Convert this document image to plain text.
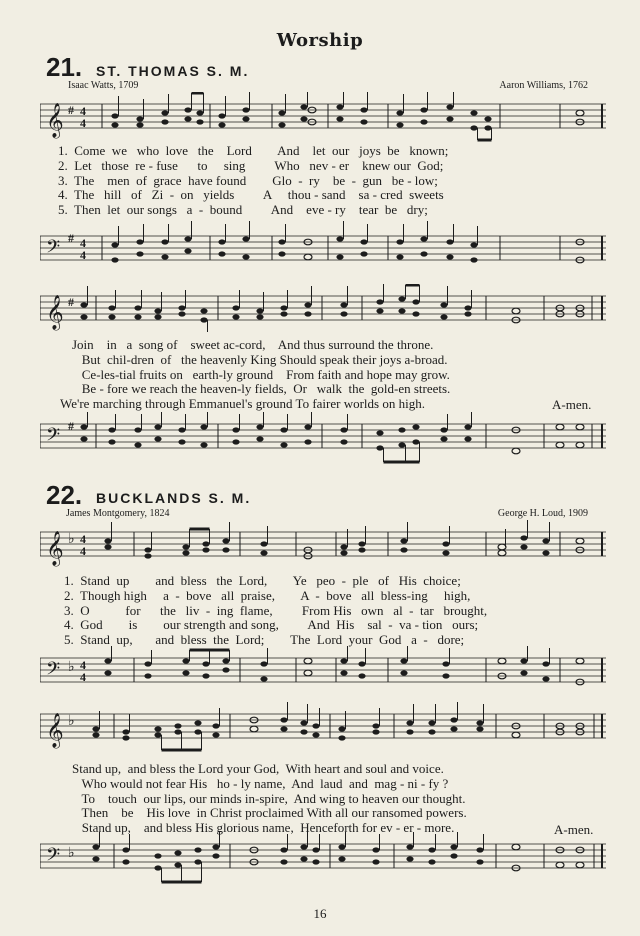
Worship
21. ST. THOMAS S. M.
Isaac Watts, 1709	Aaron Williams, 1762
𝄞 # 4
4
1.  Come  we   who  love   the    Lord        And    let  our   joys  be   known;
2.  Let   those  re - fuse      to     sing         Who   nev - er    knew our  God;
3.  The    men  of  grace  have found        Glo  -  ry    be  -  gun   be - low;
4.  The   hill   of   Zi  -  on   yields         A     thou - sand    sa - cred  sweets
5.  Then  let  our songs   a  -  bound         And    eve - ry    tear  be   dry;
𝄢 # 4
4
𝄞 #
Join    in   a  song of    sweet ac-cord,    And thus surround the throne.
But  chil-dren  of   the heavenly King Should speak their joys a-broad.
Ce-les-tial fruits on   earth-ly ground    From faith and hope may grow.
Be - fore we reach the heaven-ly fields,  Or   walk  the  gold-en streets.
We're marching through Emmanuel's ground To fairer worlds on high.	A-men.
𝄢 #
22. BUCKLANDS S. M.
James Montgomery, 1824	George H. Loud, 1909
𝄞 ♭ 4
4
1.  Stand  up        and  bless   the  Lord,        Ye   peo  -  ple   of   His  choice;
2.  Though high     a  -  bove   all  praise,        A  -  bove   all  bless-ing     high,
3.  O           for      the   liv  -  ing  flame,         From His   own   al  -  tar   brought,
4.  God        is        our strength and song,         And  His    sal  -  va - tion   ours;
5.  Stand  up,       and  bless  the  Lord;        The  Lord  your  God   a  -   dore;
𝄢 ♭ 4
4
𝄞 ♭
Stand up,  and bless the Lord your God,  With heart and soul and voice.
Who would not fear His   ho - ly name,  And  laud  and  mag - ni - fy ?
To    touch  our lips, our minds in-spire,  And wing to heaven our thought.
Then    be    His love  in Christ proclaimed With all our ransomed powers.
Stand up,    and bless His glorious name,  Henceforth for ev - er - more.	A-men.
𝄢 ♭
16
